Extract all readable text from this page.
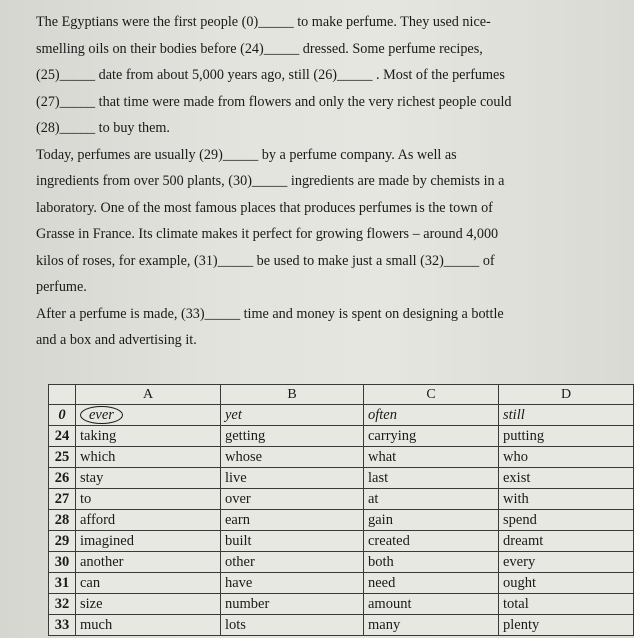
The Egyptians were the first people (0)_____ to make perfume. They used nice-
smelling oils on their bodies before (24)_____ dressed. Some perfume recipes,
(25)_____ date from about 5,000 years ago, still (26)_____ . Most of the perfumes
(27)_____ that time were made from flowers and only the very richest people could
(28)_____ to buy them.
Today, perfumes are usually (29)_____ by a perfume company. As well as
ingredients from over 500 plants, (30)_____ ingredients are made by chemists in a
laboratory. One of the most famous places that produces perfumes is the town of
Grasse in France. Its climate makes it perfect for growing flowers – around 4,000
kilos of roses, for example, (31)_____ be used to make just a small (32)_____ of
perfume.
After a perfume is made, (33)_____ time and money is spent on designing a bottle
and a box and advertising it.
	A	B	C	D
0	ever	yet	often	still
24	taking	getting	carrying	putting
25	which	whose	what	who
26	stay	live	last	exist
27	to	over	at	with
28	afford	earn	gain	spend
29	imagined	built	created	dreamt
30	another	other	both	every
31	can	have	need	ought
32	size	number	amount	total
33	much	lots	many	plenty
